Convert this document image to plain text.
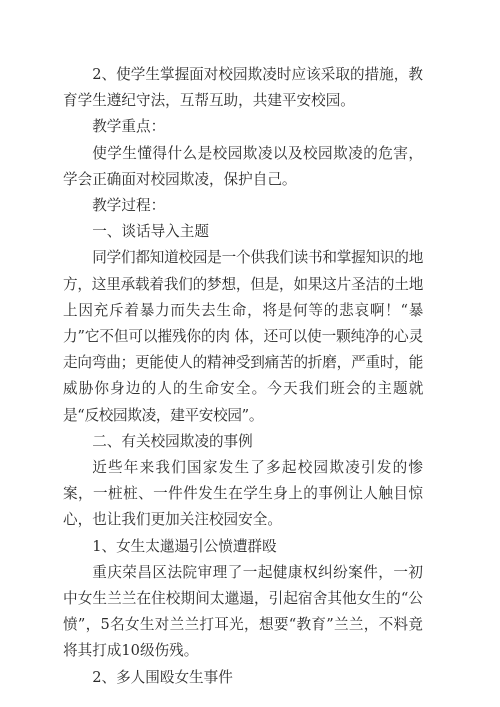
2、使学生掌握面对校园欺凌时应该采取的措施，教育学生遵纪守法，互帮互助，共建平安校园。

教学重点：

使学生懂得什么是校园欺凌以及校园欺凌的危害，学会正确面对校园欺凌，保护自己。

教学过程：

一、谈话导入主题

同学们都知道校园是一个供我们读书和掌握知识的地方，这里承载着我们的梦想，但是，如果这片圣洁的土地上因充斥着暴力而失去生命，将是何等的悲哀啊！“暴力”它不但可以摧残你的肉 体，还可以使一颗纯净的心灵走向弯曲；更能使人的精神受到痛苦的折磨，严重时，能威胁你身边的人的生命安全。今天我们班会的主题就是“反校园欺凌，建平安校园”。

二、有关校园欺凌的事例

近些年来我们国家发生了多起校园欺凌引发的惨案，一桩桩、一件件发生在学生身上的事例让人触目惊心，也让我们更加关注校园安全。

1、女生太邋遢引公愤遭群殴

重庆荣昌区法院审理了一起健康权纠纷案件，一初中女生兰兰在住校期间太邋遢，引起宿舍其他女生的“公愤”，5名女生对兰兰打耳光，想要“教育”兰兰，不料竟将其打成10级伤残。

2、多人围殴女生事件
